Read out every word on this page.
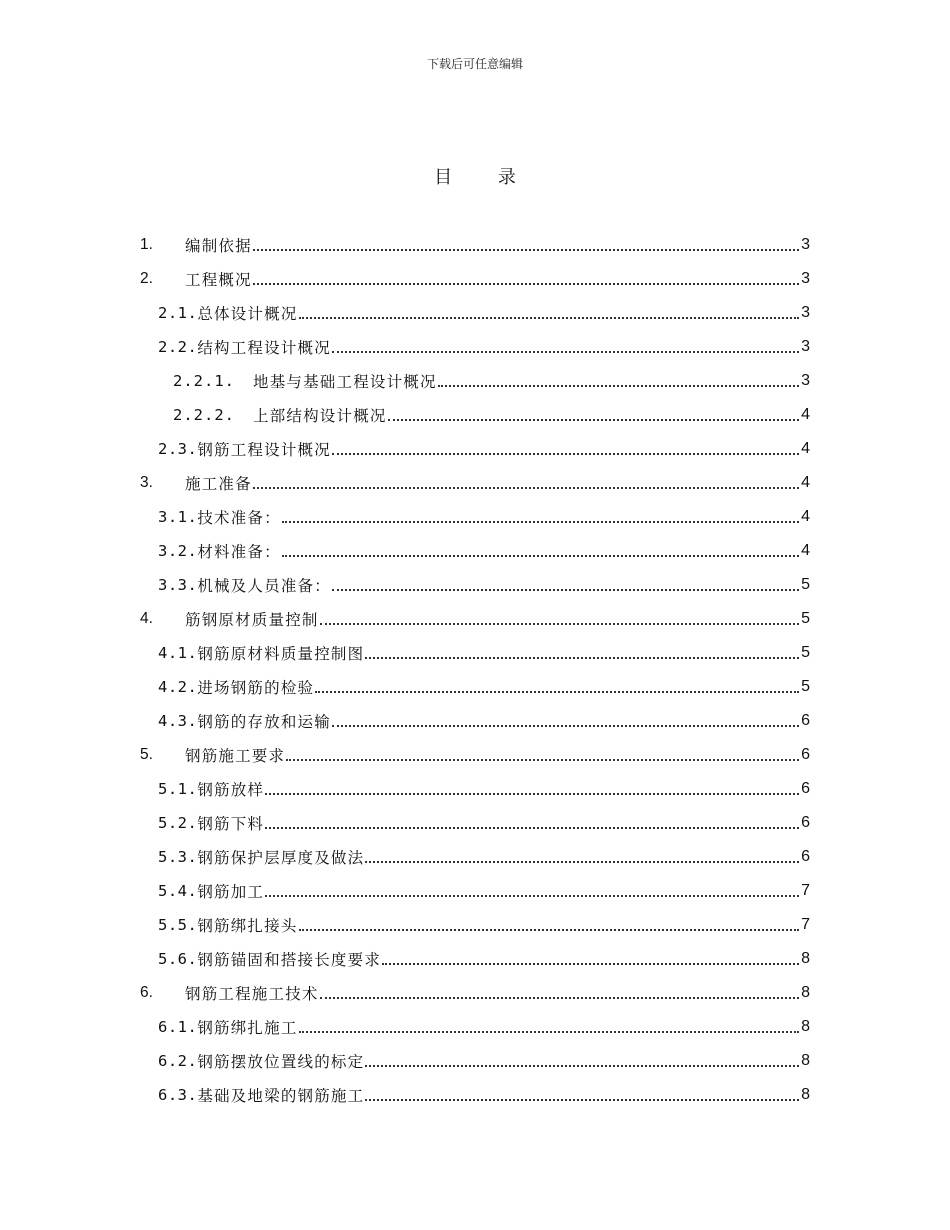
下载后可任意编辑
目 录
1.	编制依据	3
2.	工程概况	3
2.1. 总体设计概况	3
2.2. 结构工程设计概况	3
2.2.1.	地基与基础工程设计概况	3
2.2.2.	上部结构设计概况	4
2.3. 钢筋工程设计概况	4
3.	施工准备	4
3.1. 技术准备：	4
3.2. 材料准备：	4
3.3. 机械及人员准备：	5
4.	筋钢原材质量控制	5
4.1. 钢筋原材料质量控制图	5
4.2. 进场钢筋的检验	5
4.3. 钢筋的存放和运输	6
5.	钢筋施工要求	6
5.1. 钢筋放样	6
5.2. 钢筋下料	6
5.3. 钢筋保护层厚度及做法	6
5.4. 钢筋加工	7
5.5. 钢筋绑扎接头	7
5.6. 钢筋锚固和搭接长度要求	8
6.	钢筋工程施工技术	8
6.1. 钢筋绑扎施工	8
6.2. 钢筋摆放位置线的标定	8
6.3. 基础及地梁的钢筋施工	8
